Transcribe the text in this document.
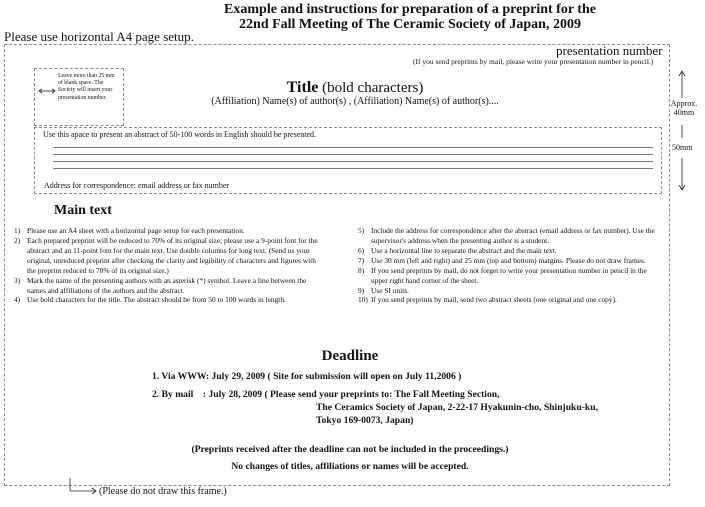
Example and instructions for preparation of a preprint for the
22nd Fall Meeting of The Ceramic Society of Japan, 2009
Please use horizontal A4 page setup.
presentation number
(If you send preprints by mail, please write your presentation number in pencil.)
Leave more than 25 mm of blank space. The Society will insert your presentation number.
Title (bold characters)
(Affiliation) Name(s) of author(s) , (Affiliation) Name(s) of author(s)....
Use this apace to present an abstract of 50-100 words in English should be presented.
Address for correspondence: email address or fax number
Approx.
40mm
50mm
Main text
1) Please use an A4 sheet with a horizontal page setup for each presentation.
2) Each prepared preprint will be reduced to 70% of its original size; please use a 9-point font for the abstract and an 11-point font for the main text. Use double columns for long text. (Send us your original, unreduced preprint after checking the clarity and legibility of characters and figures with the preprint reduced to 70% of its original size.)
3) Mark the name of the presenting authors with an asterisk (*) symbol. Leave a line between the names and affiliations of the authors and the abstract.
4) Use bold characters for the title. The abstract should be from 50 to 100 words in length.
5) Include the address for correspondence after the abstract (email address or fax number). Use the supervisor's address when the presenting author is a student.
6) Use a horizontal line to separate the abstract and the main text.
7) Use 30 mm (left and right) and 25 mm (top and bottom) margins. Please do not draw frames.
8) If you send preprints by mail, do not forget to write your presentation number in pencil in the upper right hand corner of the sheet.
9) Use SI units.
10) If you send preprints by mail, send two abstract sheets (one original and one copy).
Deadline
1. Via WWW: July 29, 2009 ( Site for submission will open on July 11,2006 )
2. By mail    : July 28, 2009 ( Please send your preprints to: The Fall Meeting Section,
The Ceramics Society of Japan, 2-22-17 Hyakunin-cho, Shinjuku-ku,
Tokyo 169-0073, Japan)
(Preprints received after the deadline can not be included in the proceedings.)
No changes of titles, affiliations or names will be accepted.
(Please do not draw this frame.)
